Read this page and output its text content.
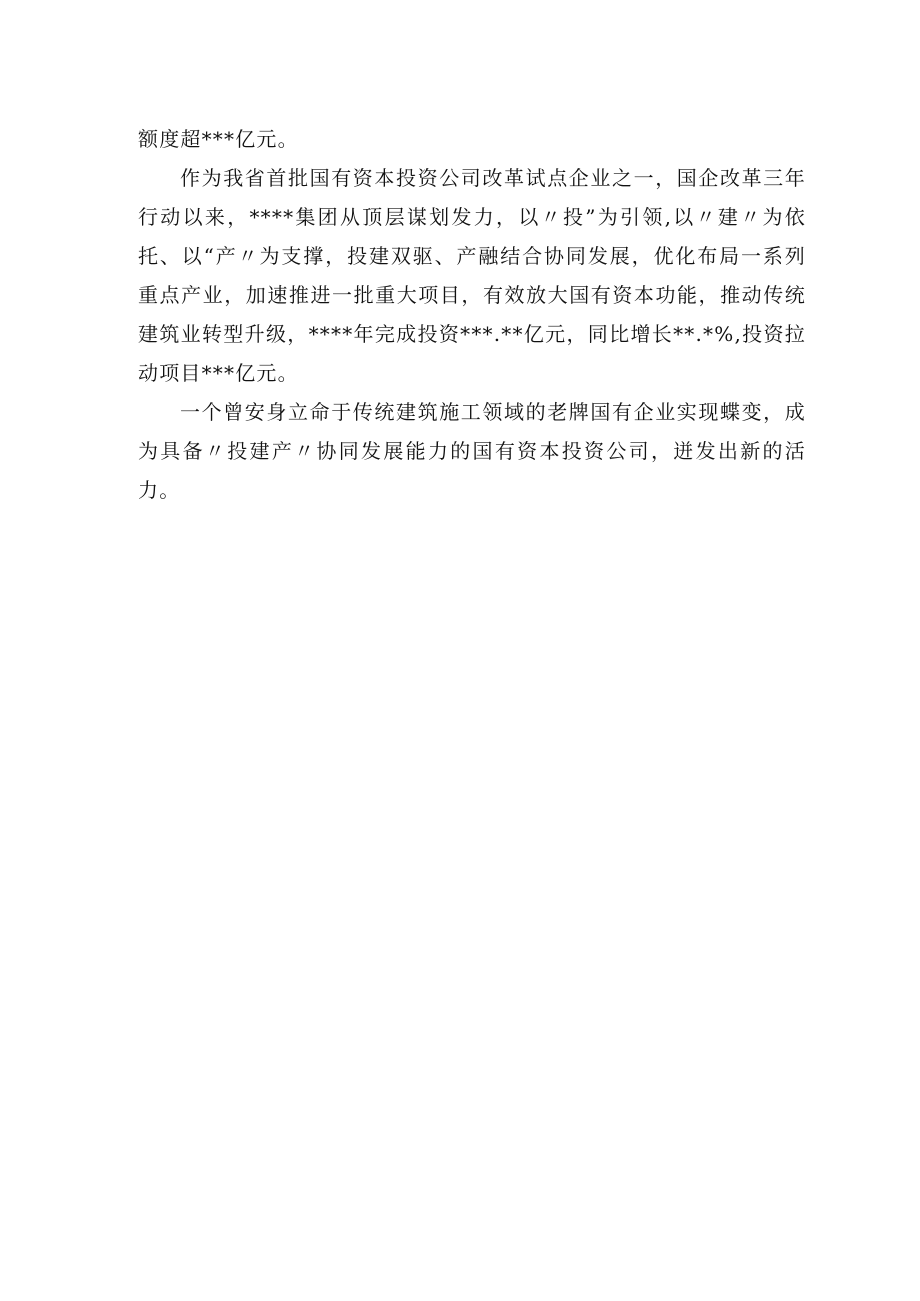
额度超***亿元。

作为我省首批国有资本投资公司改革试点企业之一，国企改革三年行动以来，****集团从顶层谋划发力，以〃投”为引领,以〃建〃为依托、以“产〃为支撑，投建双驱、产融结合协同发展，优化布局一系列重点产业，加速推进一批重大项目，有效放大国有资本功能，推动传统建筑业转型升级，****年完成投资***.**亿元，同比增长**.*%,投资拉动项目***亿元。

一个曾安身立命于传统建筑施工领域的老牌国有企业实现蝶变，成为具备〃投建产〃协同发展能力的国有资本投资公司，迸发出新的活力。
